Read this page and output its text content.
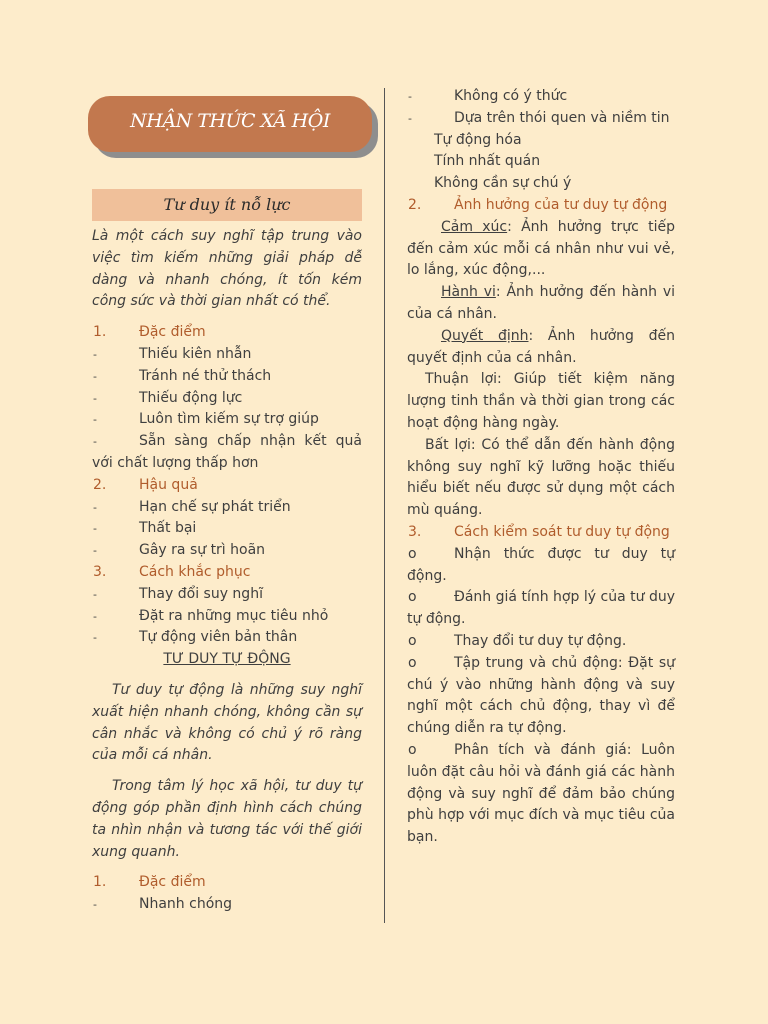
NHẬN THỨC XÃ HỘI
Tư duy ít nỗ lực

Là một cách suy nghĩ tập trung vào việc tìm kiếm những giải pháp dễ dàng và nhanh chóng, ít tốn kém công sức và thời gian nhất có thể.

1. Đặc điểm
-	Thiếu kiên nhẫn
-	Tránh né thử thách
-	Thiếu động lực
-	Luôn tìm kiếm sự trợ giúp
-	Sẵn sàng chấp nhận kết quả với chất lượng thấp hơn
2. Hậu quả
-	Hạn chế sự phát triển
-	Thất bại
-	Gây ra sự trì hoãn
3. Cách khắc phục
-	Thay đổi suy nghĩ
-	Đặt ra những mục tiêu nhỏ
-	Tự động viên bản thân

TƯ DUY TỰ ĐỘNG

Tư duy tự động là những suy nghĩ xuất hiện nhanh chóng, không cần sự cân nhắc và không có chủ ý rõ ràng của mỗi cá nhân.

Trong tâm lý học xã hội, tư duy tự động góp phần định hình cách chúng ta nhìn nhận và tương tác với thế giới xung quanh.

1. Đặc điểm
-	Nhanh chóng
-	Không có ý thức
-	Dựa trên thói quen và niềm tin
Tự động hóa
Tính nhất quán
Không cần sự chú ý
2. Ảnh hưởng của tư duy tự động

Cảm xúc: Ảnh hưởng trực tiếp đến cảm xúc mỗi cá nhân như vui vẻ, lo lắng, xúc động,...

Hành vi: Ảnh hưởng đến hành vi của cá nhân.

Quyết định: Ảnh hưởng đến quyết định của cá nhân.

Thuận lợi: Giúp tiết kiệm năng lượng tinh thần và thời gian trong các hoạt động hàng ngày.

Bất lợi: Có thể dẫn đến hành động không suy nghĩ kỹ lưỡng hoặc thiếu hiểu biết nếu được sử dụng một cách mù quáng.

3. Cách kiểm soát tư duy tự động
o	Nhận thức được tư duy tự động.
o	Đánh giá tính hợp lý của tư duy tự động.
o	Thay đổi tư duy tự động.
o	Tập trung và chủ động: Đặt sự chú ý vào những hành động và suy nghĩ một cách chủ động, thay vì để chúng diễn ra tự động.
o	Phân tích và đánh giá: Luôn luôn đặt câu hỏi và đánh giá các hành động và suy nghĩ để đảm bảo chúng phù hợp với mục đích và mục tiêu của bạn.
